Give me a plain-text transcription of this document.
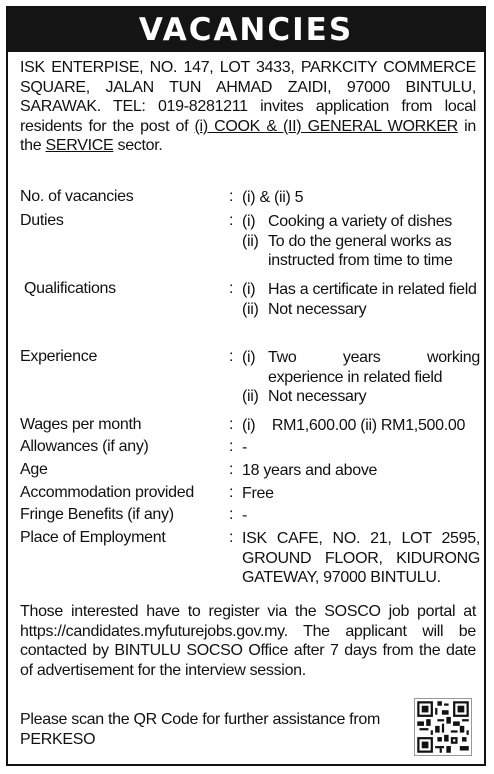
VACANCIES
ISK ENTERPISE, NO. 147, LOT 3433, PARKCITY COMMERCE SQUARE, JALAN TUN AHMAD ZAIDI, 97000 BINTULU, SARAWAK. TEL: 019-8281211 invites application from local residents for the post of (i) COOK & (II) GENERAL WORKER in the SERVICE sector.
No. of vacancies	: (i) & (ii) 5
Duties	: (i) Cooking a variety of dishes
(ii) To do the general works as instructed from time to time
Qualifications	: (i) Has a certificate in related field
(ii) Not necessary
Experience	: (i) Two years working
experience in related field
(ii) Not necessary
Wages per month	: (i)    RM1,600.00 (ii) RM1,500.00
Allowances (if any)	: -
Age	: 18 years and above
Accommodation provided : Free
Fringe Benefits (if any)	: -
Place of Employment	: ISK CAFE, NO. 21, LOT 2595, GROUND FLOOR, KIDURONG GATEWAY, 97000 BINTULU.
Those interested have to register via the SOSCO job portal at https://candidates.myfuturejobs.gov.my. The applicant will be contacted by BINTULU SOCSO Office after 7 days from the date of advertisement for the interview session.
Please scan the QR Code for further assistance from PERKESO
